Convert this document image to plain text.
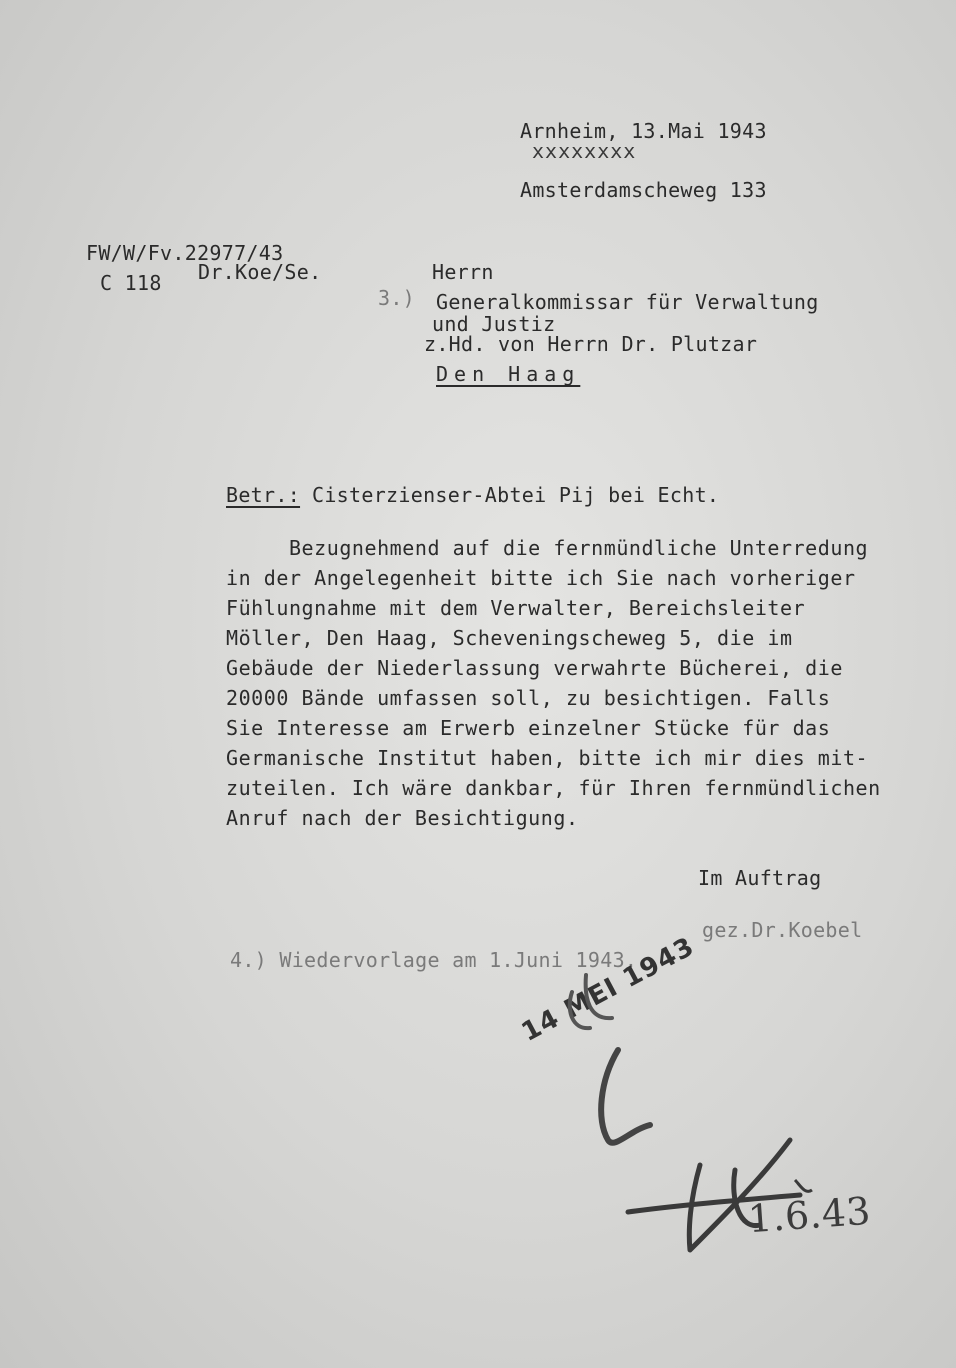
Arnheim, 13.Mai 1943
xxxxxxxx
Amsterdamscheweg 133
FW/W/Fv.22977/43
C 118 Dr.Koe/Se.	Herrn
3.) Generalkommissar für Verwaltung
und Justiz
z.Hd. von Herrn Dr. Plutzar
Den Haag
Betr.: Cisterzienser-Abtei Pij bei Echt.
Bezugnehmend auf die fernmündliche Unterredung
in der Angelegenheit bitte ich Sie nach vorheriger
Fühlungnahme mit dem Verwalter, Bereichsleiter
Möller, Den Haag, Scheveningscheweg 5, die im
Gebäude der Niederlassung verwahrte Bücherei, die
20000 Bände umfassen soll, zu besichtigen. Falls
Sie Interesse am Erwerb einzelner Stücke für das
Germanische Institut haben, bitte ich mir dies mit-
zuteilen. Ich wäre dankbar, für Ihren fernmündlichen
Anruf nach der Besichtigung.
Im Auftrag
gez.Dr.Koebel
4.) Wiedervorlage am 1.Juni 1943.
14 MEI 1943
1.6.43
